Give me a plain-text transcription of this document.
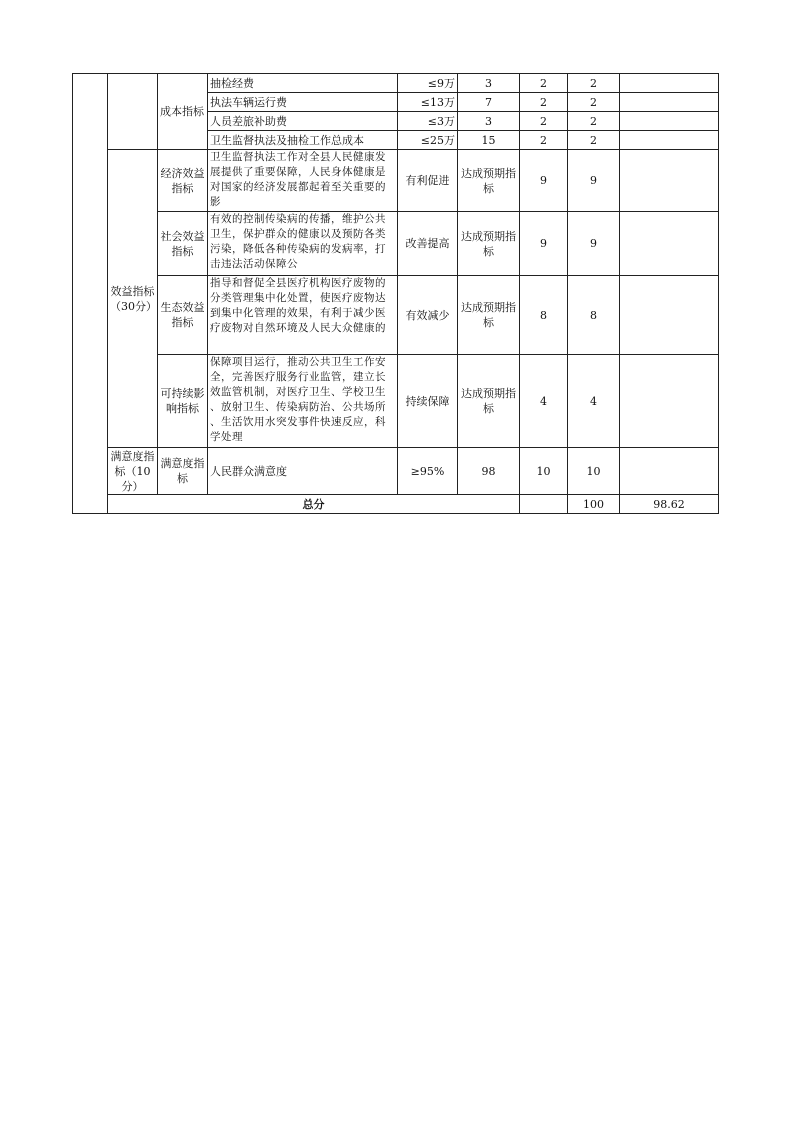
		成本指标	抽检经费	≤9万	3	2	2		
			执法车辆运行费	≤13万	7	2	2		
			人员差旅补助费	≤3万	3	2	2		
			卫生监督执法及抽检工作总成本	≤25万	15	2	2		
	效益指标（30分）	经济效益指标	卫生监督执法工作对全县人民健康发 展提供了重要保障，人民身体健康是 对国家的经济发展都起着至关重要的影	有利促进	达成预期指 标	9	9		
		社会效益指标	有效的控制传染病的传播，维护公共 卫生，保护群众的健康以及预防各类 污染，降低各种传染病的发病率，打 击违法活动保障公	改善提高	达成预期指 标	9	9		
		生态效益指标	指导和督促全县医疗机构医疗废物的 分类管理集中化处置，使医疗废物达 到集中化管理的效果，有利于减少医 疗废物对自然环境及人民大众健康的	有效减少	达成预期指 标	8	8		
		可持续影响指标	保障项目运行，推动公共卫生工作安 全，完善医疗服务行业监管，建立长 效监管机制，对医疗卫生、学校卫生 、放射卫生、传染病防治、公共场所 、生活饮用水突发事件快速反应，科学处理	持续保障	达成预期指 标	4	4		
	满意度指标（10分）	满意度指标	人民群众满意度	≥95%	98	10	10		
	总分						100	98.62	
